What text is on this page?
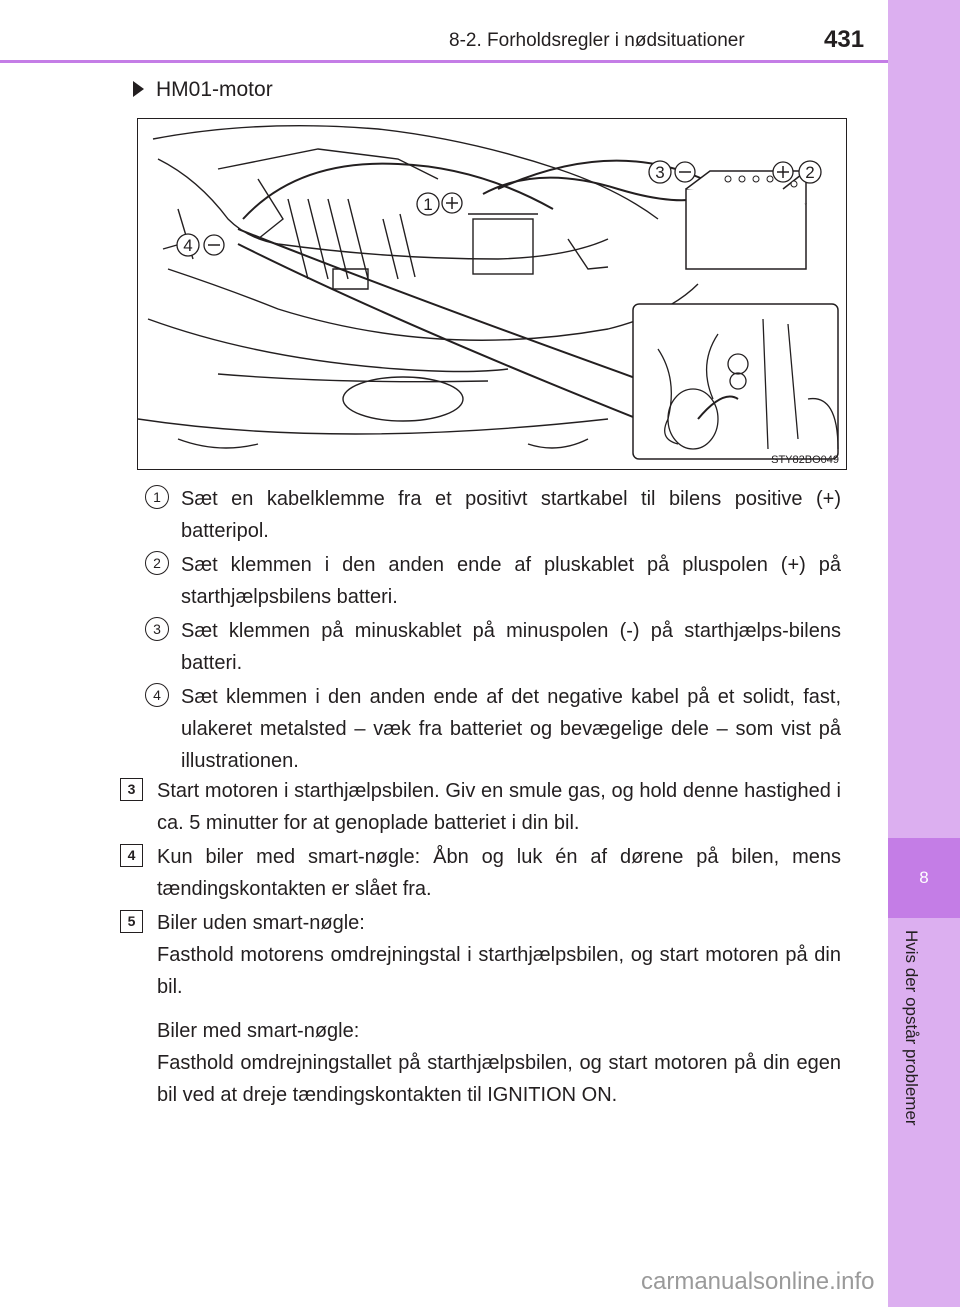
8
Hvis der opstår problemer
8-2. Forholdsregler i nødsituationer	431
HM01-motor
3	2
1
4
STY82BO049
1	Sæt en kabelklemme fra et positivt startkabel til bilens positive (+) batteripol.
2	Sæt klemmen i den anden ende af pluskablet på pluspolen (+) på starthjælpsbilens batteri.
3	Sæt klemmen på minuskablet på minuspolen (-) på starthjælps-bilens batteri.
4	Sæt klemmen i den anden ende af det negative kabel på et solidt, fast, ulakeret metalsted – væk fra batteriet og bevægelige dele – som vist på illustrationen.
3	Start motoren i starthjælpsbilen. Giv en smule gas, og hold denne hastighed i ca. 5 minutter for at genoplade batteriet i din bil.
4	Kun biler med smart-nøgle: Åbn og luk én af dørene på bilen, mens tændingskontakten er slået fra.
5	Biler uden smart-nøgle:
Fasthold motorens omdrejningstal i starthjælpsbilen, og start motoren på din bil.
Biler med smart-nøgle:
Fasthold omdrejningstallet på starthjælpsbilen, og start motoren på din egen bil ved at dreje tændingskontakten til IGNITION ON.
carmanualsonline.info
